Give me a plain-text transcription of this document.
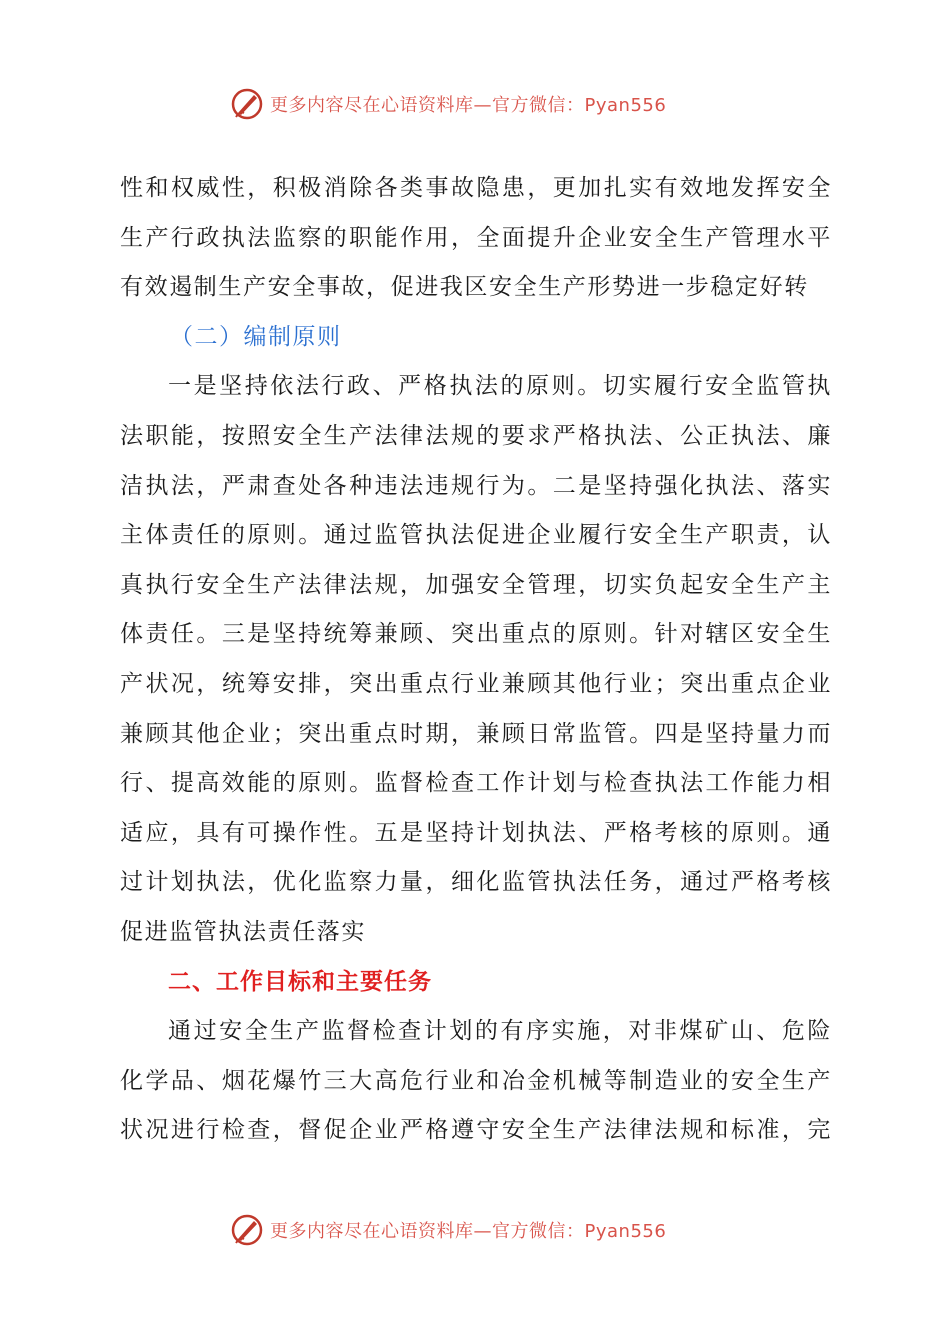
更多内容尽在心语资料库—官方微信：Pyan556

性和权威性，积极消除各类事故隐患，更加扎实有效地发挥安全生产行政执法监察的职能作用，全面提升企业安全生产管理水平有效遏制生产安全事故，促进我区安全生产形势进一步稳定好转

（二）编制原则

一是坚持依法行政、严格执法的原则。切实履行安全监管执法职能，按照安全生产法律法规的要求严格执法、公正执法、廉洁执法，严肃查处各种违法违规行为。二是坚持强化执法、落实主体责任的原则。通过监管执法促进企业履行安全生产职责，认真执行安全生产法律法规，加强安全管理，切实负起安全生产主体责任。三是坚持统筹兼顾、突出重点的原则。针对辖区安全生产状况，统筹安排，突出重点行业兼顾其他行业；突出重点企业兼顾其他企业；突出重点时期，兼顾日常监管。四是坚持量力而行、提高效能的原则。监督检查工作计划与检查执法工作能力相适应，具有可操作性。五是坚持计划执法、严格考核的原则。通过计划执法，优化监察力量，细化监管执法任务，通过严格考核促进监管执法责任落实

二、工作目标和主要任务

通过安全生产监督检查计划的有序实施，对非煤矿山、危险化学品、烟花爆竹三大高危行业和冶金机械等制造业的安全生产状况进行检查，督促企业严格遵守安全生产法律法规和标准，完

更多内容尽在心语资料库—官方微信：Pyan556
